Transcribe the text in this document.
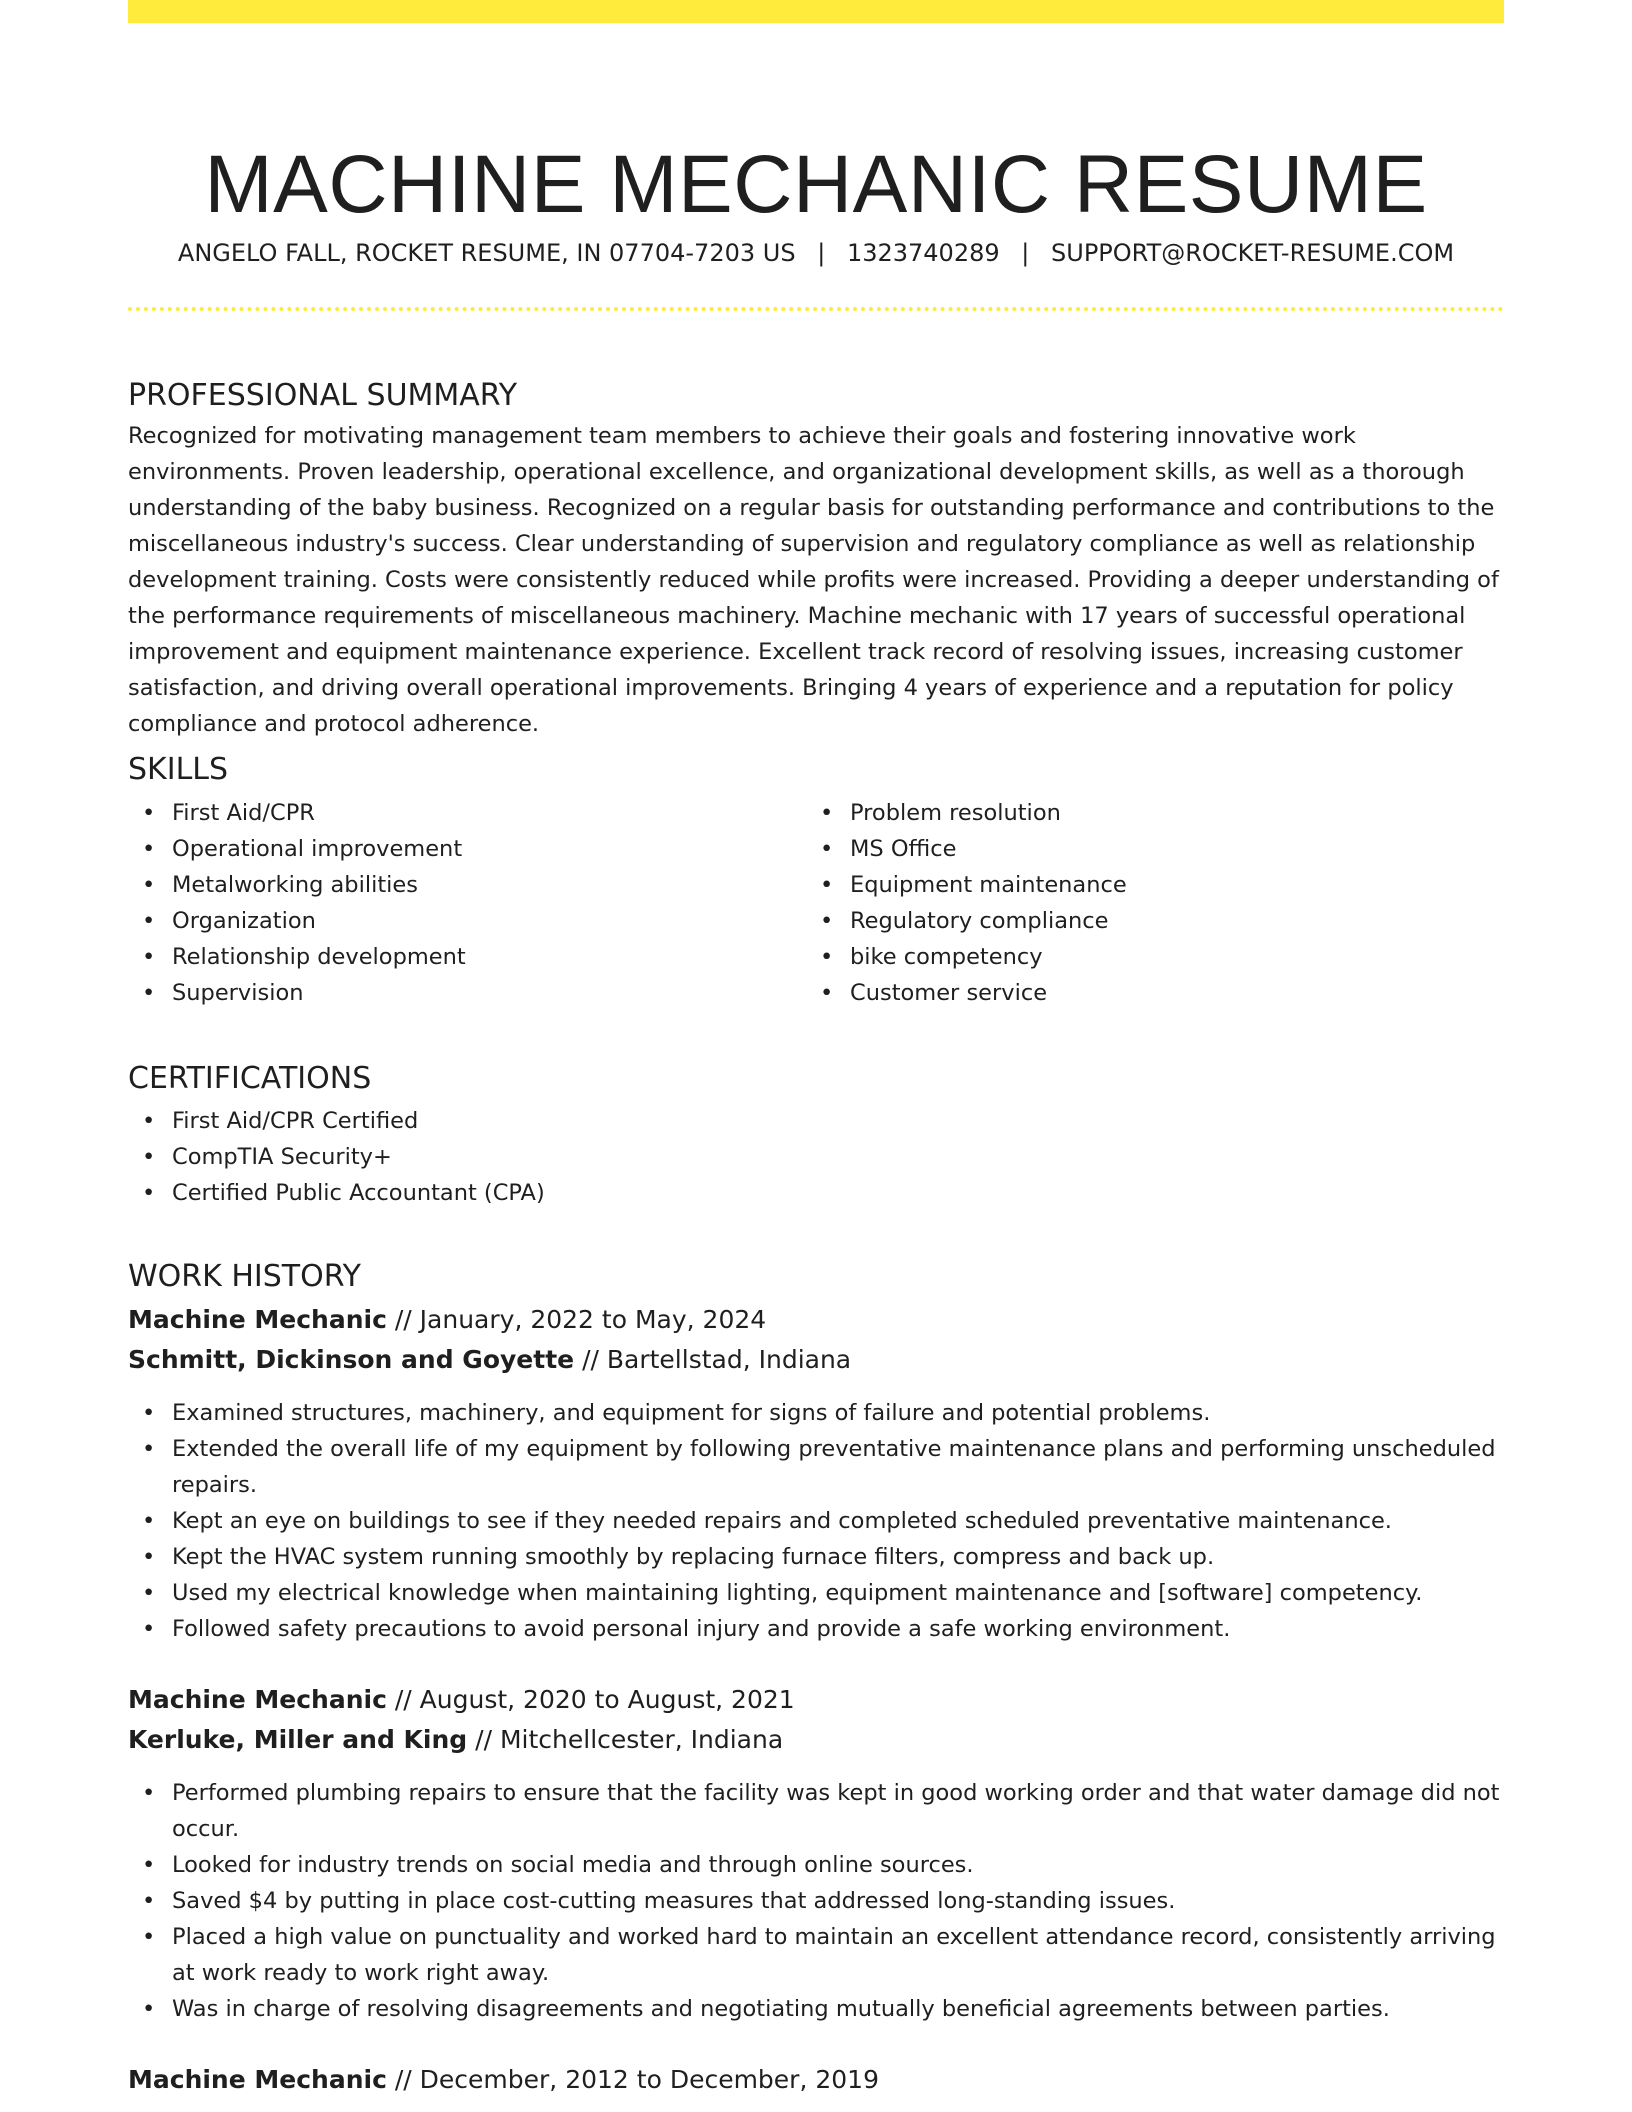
MACHINE MECHANIC RESUME
ANGELO FALL, ROCKET RESUME, IN 07704-7203 US | 1323740289 | SUPPORT@ROCKET-RESUME.COM
PROFESSIONAL SUMMARY

Recognized for motivating management team members to achieve their goals and fostering innovative work environments. Proven leadership, operational excellence, and organizational development skills, as well as a thorough understanding of the baby business. Recognized on a regular basis for outstanding performance and contributions to the miscellaneous industry's success. Clear understanding of supervision and regulatory compliance as well as relationship development training. Costs were consistently reduced while profits were increased. Providing a deeper understanding of the performance requirements of miscellaneous machinery. Machine mechanic with 17 years of successful operational improvement and equipment maintenance experience. Excellent track record of resolving issues, increasing customer satisfaction, and driving overall operational improvements. Bringing 4 years of experience and a reputation for policy compliance and protocol adherence.

SKILLS
• First Aid/CPR
• Operational improvement
• Metalworking abilities
• Organization
• Relationship development
• Supervision
• Problem resolution
• MS Office
• Equipment maintenance
• Regulatory compliance
• bike competency
• Customer service
CERTIFICATIONS
• First Aid/CPR Certified
• CompTIA Security+
• Certified Public Accountant (CPA)
WORK HISTORY
Machine Mechanic // January, 2022 to May, 2024
Schmitt, Dickinson and Goyette // Bartellstad, Indiana
• Examined structures, machinery, and equipment for signs of failure and potential problems.
• Extended the overall life of my equipment by following preventative maintenance plans and performing unscheduled repairs.
• Kept an eye on buildings to see if they needed repairs and completed scheduled preventative maintenance.
• Kept the HVAC system running smoothly by replacing furnace filters, compress and back up.
• Used my electrical knowledge when maintaining lighting, equipment maintenance and [software] competency.
• Followed safety precautions to avoid personal injury and provide a safe working environment.
Machine Mechanic // August, 2020 to August, 2021
Kerluke, Miller and King // Mitchellcester, Indiana
• Performed plumbing repairs to ensure that the facility was kept in good working order and that water damage did not occur.
• Looked for industry trends on social media and through online sources.
• Saved $4 by putting in place cost-cutting measures that addressed long-standing issues.
• Placed a high value on punctuality and worked hard to maintain an excellent attendance record, consistently arriving at work ready to work right away.
• Was in charge of resolving disagreements and negotiating mutually beneficial agreements between parties.
Machine Mechanic // December, 2012 to December, 2019
